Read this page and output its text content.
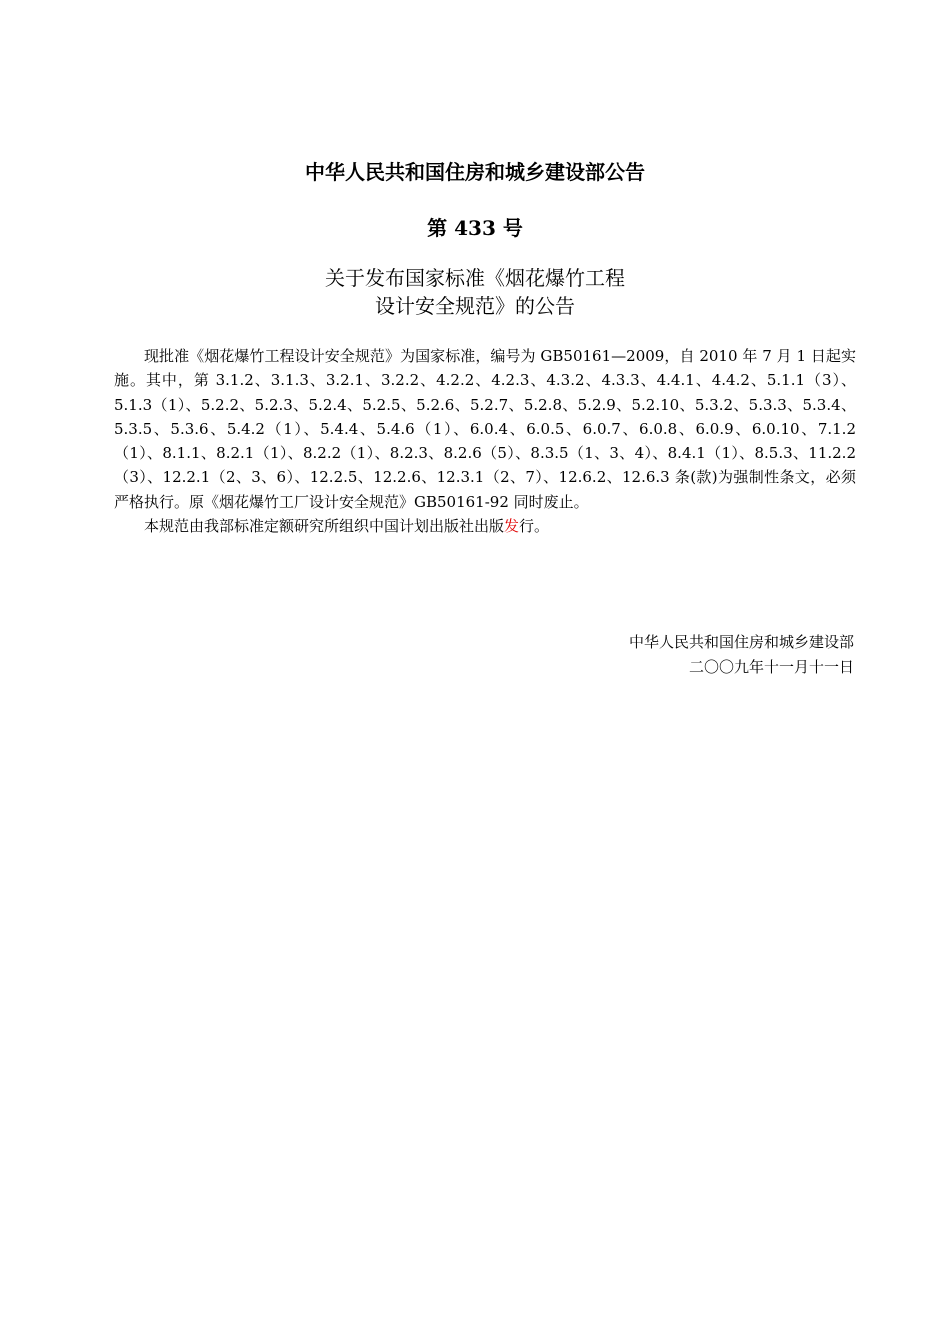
中华人民共和国住房和城乡建设部公告
第 433 号
关于发布国家标准《烟花爆竹工程
设计安全规范》的公告

现批准《烟花爆竹工程设计安全规范》为国家标准，编号为 GB50161—2009，自 2010 年 7 月 1 日起实施。其中，第 3.1.2、3.1.3、3.2.1、3.2.2、4.2.2、4.2.3、4.3.2、4.3.3、4.4.1、4.4.2、5.1.1（3）、5.1.3（1）、5.2.2、5.2.3、5.2.4、5.2.5、5.2.6、5.2.7、5.2.8、5.2.9、5.2.10、5.3.2、5.3.3、5.3.4、5.3.5、5.3.6、5.4.2（1）、5.4.4、5.4.6（1）、6.0.4、6.0.5、6.0.7、6.0.8、6.0.9、6.0.10、7.1.2（1）、8.1.1、8.2.1（1）、8.2.2（1）、8.2.3、8.2.6（5）、8.3.5（1、3、4）、8.4.1（1）、8.5.3、11.2.2（3）、12.2.1（2、3、6）、12.2.5、12.2.6、12.3.1（2、7）、12.6.2、12.6.3 条(款)为强制性条文，必须严格执行。原《烟花爆竹工厂设计安全规范》GB50161-92 同时废止。

本规范由我部标准定额研究所组织中国计划出版社出版发行。

中华人民共和国住房和城乡建设部
二〇〇九年十一月十一日
